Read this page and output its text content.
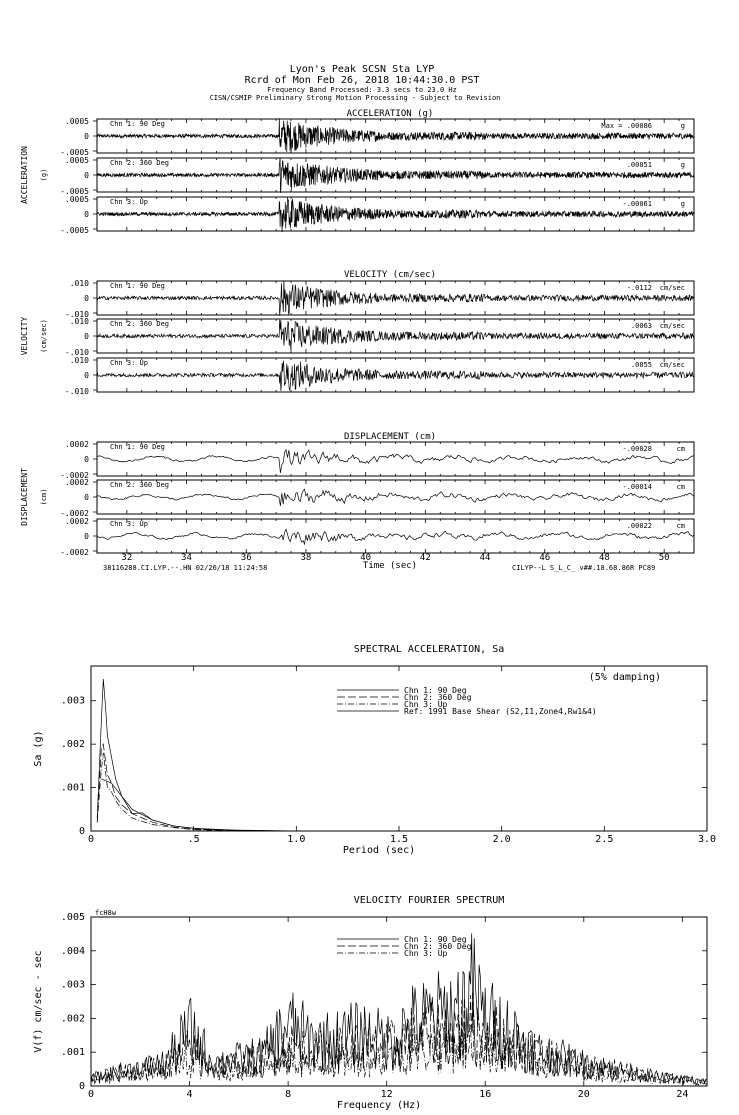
Lyon's Peak SCSN Sta LYP
Rcrd of Mon Feb 26, 2018 10:44:30.0 PST
Frequency Band Processed: 3.3 secs to 23.0 Hz
CISN/CSMIP Preliminary Strong Motion Processing - Subject to Revision
ACCELERATION (g)
ACCELERATION (g)
.0005
0
-.0005
Chn 1: 90 Deg	Max = .00086	g
.0005
0
-.0005
Chn 2: 360 Deg	.00051	g
.0005
0
-.0005
Chn 3: Up	-.00061	g
VELOCITY (cm/sec)
VELOCITY (cm/sec)
.010
0
-.010
Chn 1: 90 Deg	-.0112 cm/sec
.010
0
-.010
Chn 2: 360 Deg	.0063 cm/sec
.010
0
-.010
Chn 3: Up	.0055 cm/sec
DISPLACEMENT (cm)
DISPLACEMENT (cm)
.0002
0
-.0002
Chn 1: 90 Deg	-.00028	cm
.0002
0
-.0002
Chn 2: 360 Deg	-.00014	cm
.0002
0
-.0002
Chn 3: Up	.00022	cm
32	34	36	38	40	42	44	46	48	50
Time (sec)
38116288.CI.LYP.--.HN 02/26/18 11:24:58	CILYP--L S_L_C_ v##.18.68.86R PC89
SPECTRAL ACCELERATION, Sa
0	.5	1.0	1.5	2.0	2.5	3.0
0
.001
.002
.003
Period (sec)
Sa (g)
(5% damping)
Chn 1: 90 Deg
Chn 2: 360 Deg
Chn 3: Up
Ref: 1991 Base Shear (S2,I1,Zone4,Rw1&4)
VELOCITY FOURIER SPECTRUM
0	4	8	12	16	20	24
0
.001
.002
.003
.004
.005
Frequency (Hz)
V(f) cm/sec - sec
fcH8w
Chn 1: 90 Deg
Chn 2: 360 Deg
Chn 3: Up
